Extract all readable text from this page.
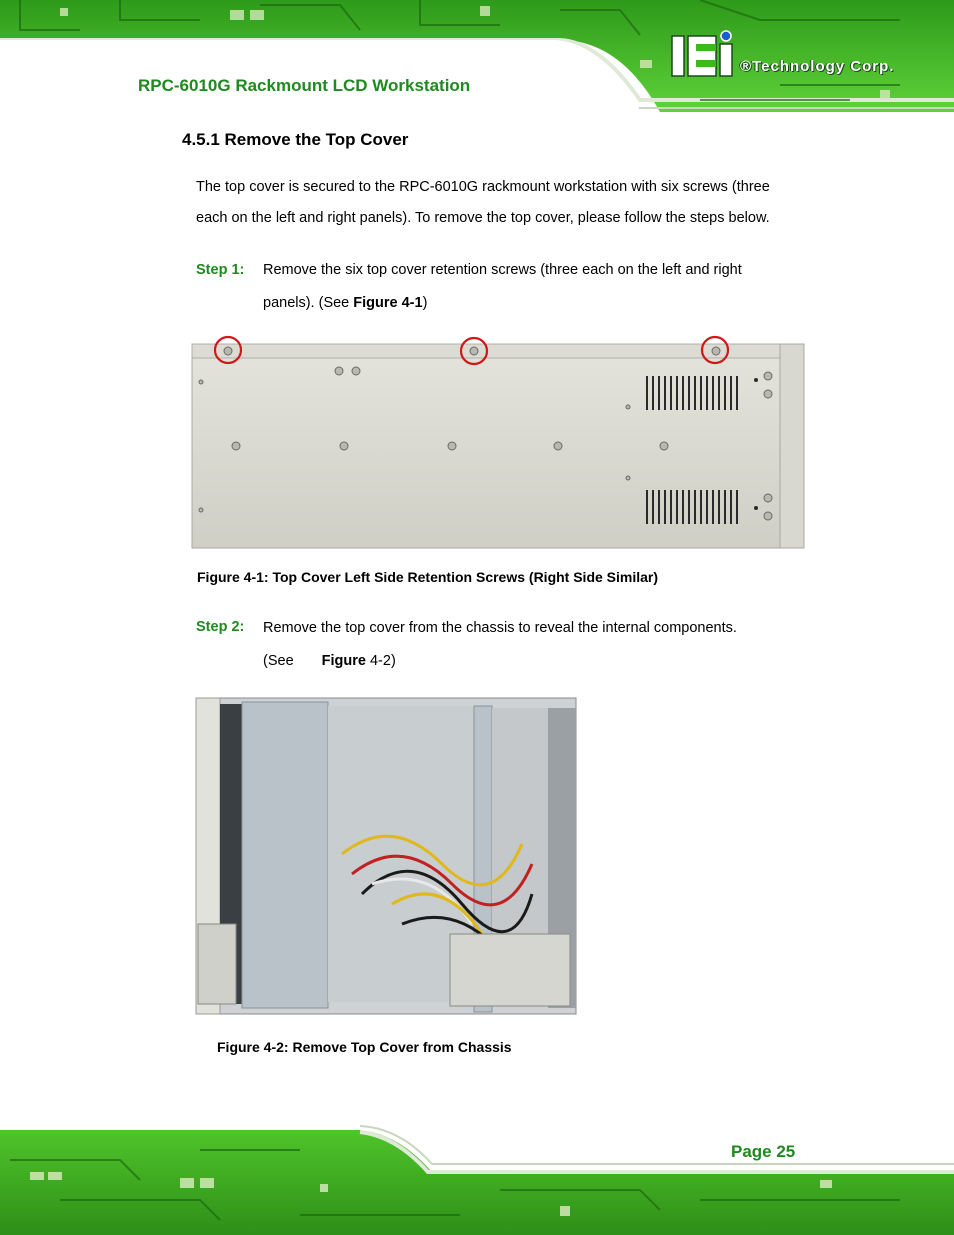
®Technology Corp.
RPC-6010G Rackmount LCD Workstation
4.5.1 Remove the Top Cover
The top cover is secured to the RPC-6010G rackmount workstation with six screws (three
each on the left and right panels). To remove the top cover, please follow the steps below.
Step 1: Remove the six top cover retention screws (three each on the left and right
panels). (See Figure 4-1)
Figure 4-1: Top Cover Left Side Retention Screws (Right Side Similar)
Step 2: Remove the top cover from the chassis to reveal the internal components.
(See Figure 4-2)
Figure 4-2: Remove Top Cover from Chassis
Page 25
